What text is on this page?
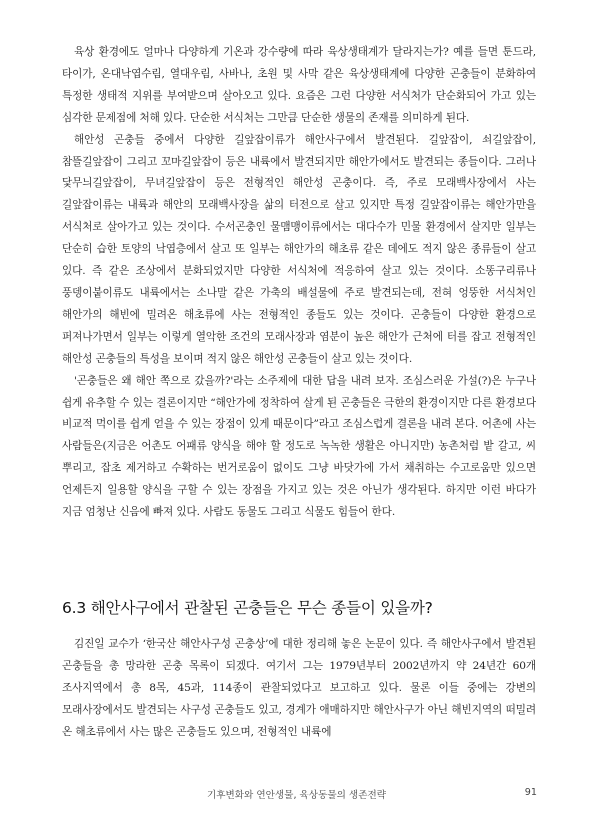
육상 환경에도 얼마나 다양하게 기온과 강수량에 따라 육상생태계가 달라지는가? 예를 들면 툰드라, 타이가, 온대낙엽수림, 열대우림, 사바나, 초원 및 사막 같은 육상생태계에 다양한 곤충들이 분화하여 특정한 생태적 지위를 부여받으며 살아오고 있다. 요즘은 그런 다양한 서식처가 단순화되어 가고 있는 심각한 문제점에 처해 있다. 단순한 서식처는 그만큼 단순한 생물의 존재를 의미하게 된다.

해안성 곤충들 중에서 다양한 길앞잡이류가 해안사구에서 발견된다. 길앞잡이, 쇠길앞잡이, 참뜰길앞잡이 그리고 꼬마길앞잡이 등은 내륙에서 발견되지만 해안가에서도 발견되는 종들이다. 그러나 닻무늬길앞잡이, 무녀길앞잡이 등은 전형적인 해안성 곤충이다. 즉, 주로 모래백사장에서 사는 길앞잡이류는 내륙과 해안의 모래백사장을 삶의 터전으로 살고 있지만 특정 길앞잡이류는 해안가만을 서식처로 살아가고 있는 것이다. 수서곤충인 물맴맹이류에서는 대다수가 민물 환경에서 살지만 일부는 단순히 습한 토양의 낙엽층에서 살고 또 일부는 해안가의 해초류 같은 데에도 적지 않은 종류들이 살고 있다. 즉 같은 조상에서 분화되었지만 다양한 서식처에 적응하여 살고 있는 것이다. 소똥구리류나 풍뎅이붙이류도 내륙에서는 소나말 같은 가축의 배설물에 주로 발견되는데, 전혀 엉뚱한 서식처인 해안가의 해빈에 밀려온 해초류에 사는 전형적인 종들도 있는 것이다. 곤충들이 다양한 환경으로 퍼져나가면서 일부는 이렇게 열악한 조건의 모래사장과 염분이 높은 해안가 근처에 터를 잡고 전형적인 해안성 곤충들의 특성을 보이며 적지 않은 해안성 곤충들이 살고 있는 것이다.

'곤충들은 왜 해안 쪽으로 갔을까?'라는 소주제에 대한 답을 내려 보자. 조심스러운 가설(?)은 누구나 쉽게 유추할 수 있는 결론이지만 “해안가에 정착하여 살게 된 곤충들은 극한의 환경이지만 다른 환경보다 비교적 먹이를 쉽게 얻을 수 있는 장점이 있게 때문이다”라고 조심스럽게 결론을 내려 본다. 어촌에 사는 사람들은(지금은 어촌도 어패류 양식을 해야 할 정도로 녹녹한 생활은 아니지만) 농촌처럼 밭 갈고, 씨 뿌리고, 잡초 제거하고 수확하는 번거로움이 없이도 그냥 바닷가에 가서 채취하는 수고로움만 있으면 언제든지 일용할 양식을 구할 수 있는 장점을 가지고 있는 것은 아닌가 생각된다. 하지만 이런 바다가 지금 엄청난 신음에 빠져 있다. 사람도 동물도 그리고 식물도 힘들어 한다.

6.3 해안사구에서 관찰된 곤충들은 무슨 종들이 있을까?

김진일 교수가 ‘한국산 해안사구성 곤충상’에 대한 정리해 놓은 논문이 있다. 즉 해안사구에서 발견된 곤충들을 총 망라한 곤충 목록이 되겠다. 여기서 그는 1979년부터 2002년까지 약 24년간 60개 조사지역에서 총 8목, 45과, 114종이 관찰되었다고 보고하고 있다. 물론 이들 중에는 강변의 모래사장에서도 발견되는 사구성 곤충들도 있고, 경계가 애매하지만 해안사구가 아닌 해빈지역의 떠밀려 온 해초류에서 사는 많은 곤충들도 있으며, 전형적인 내륙에

기후변화와 연안생물, 육상동물의 생존전략	91
